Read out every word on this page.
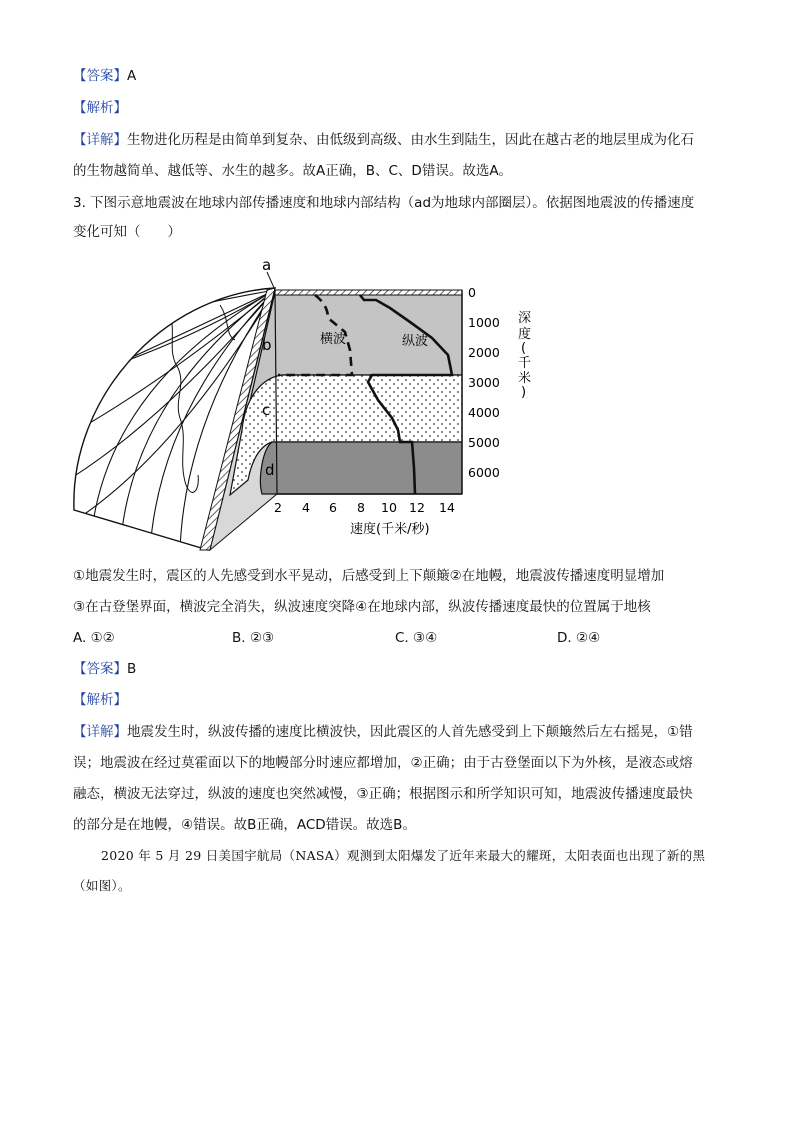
【答案】A
【解析】
【详解】生物进化历程是由简单到复杂、由低级到高级、由水生到陆生，因此在越古老的地层里成为化石
的生物越简单、越低等、水生的越多。故A正确，B、C、D错误。故选A。
3. 下图示意地震波在地球内部传播速度和地球内部结构（ad为地球内部圈层）。依据图地震波的传播速度
变化可知（　　）
横波	纵波
a
b
c
d
0
1000
2000
3000
4000
5000
6000
深
度
(
千
米
)
2 4 6 8 10 12 14
速度(千米/秒)
①地震发生时，震区的人先感受到水平晃动，后感受到上下颠簸②在地幔，地震波传播速度明显增加
③在古登堡界面，横波完全消失，纵波速度突降④在地球内部，纵波传播速度最快的位置属于地核
A. ①②	B. ②③	C. ③④	D. ②④
【答案】B
【解析】
【详解】地震发生时，纵波传播的速度比横波快，因此震区的人首先感受到上下颠簸然后左右摇晃，①错
误；地震波在经过莫霍面以下的地幔部分时速应都增加，②正确；由于古登堡面以下为外核，是液态或熔
融态，横波无法穿过，纵波的速度也突然减慢，③正确；根据图示和所学知识可知，地震波传播速度最快
的部分是在地幔，④错误。故B正确，ACD错误。故选B。
2020 年 5 月 29 日美国宇航局（NASA）观测到太阳爆发了近年来最大的耀斑，太阳表面也出现了新的黑
（如图）。
